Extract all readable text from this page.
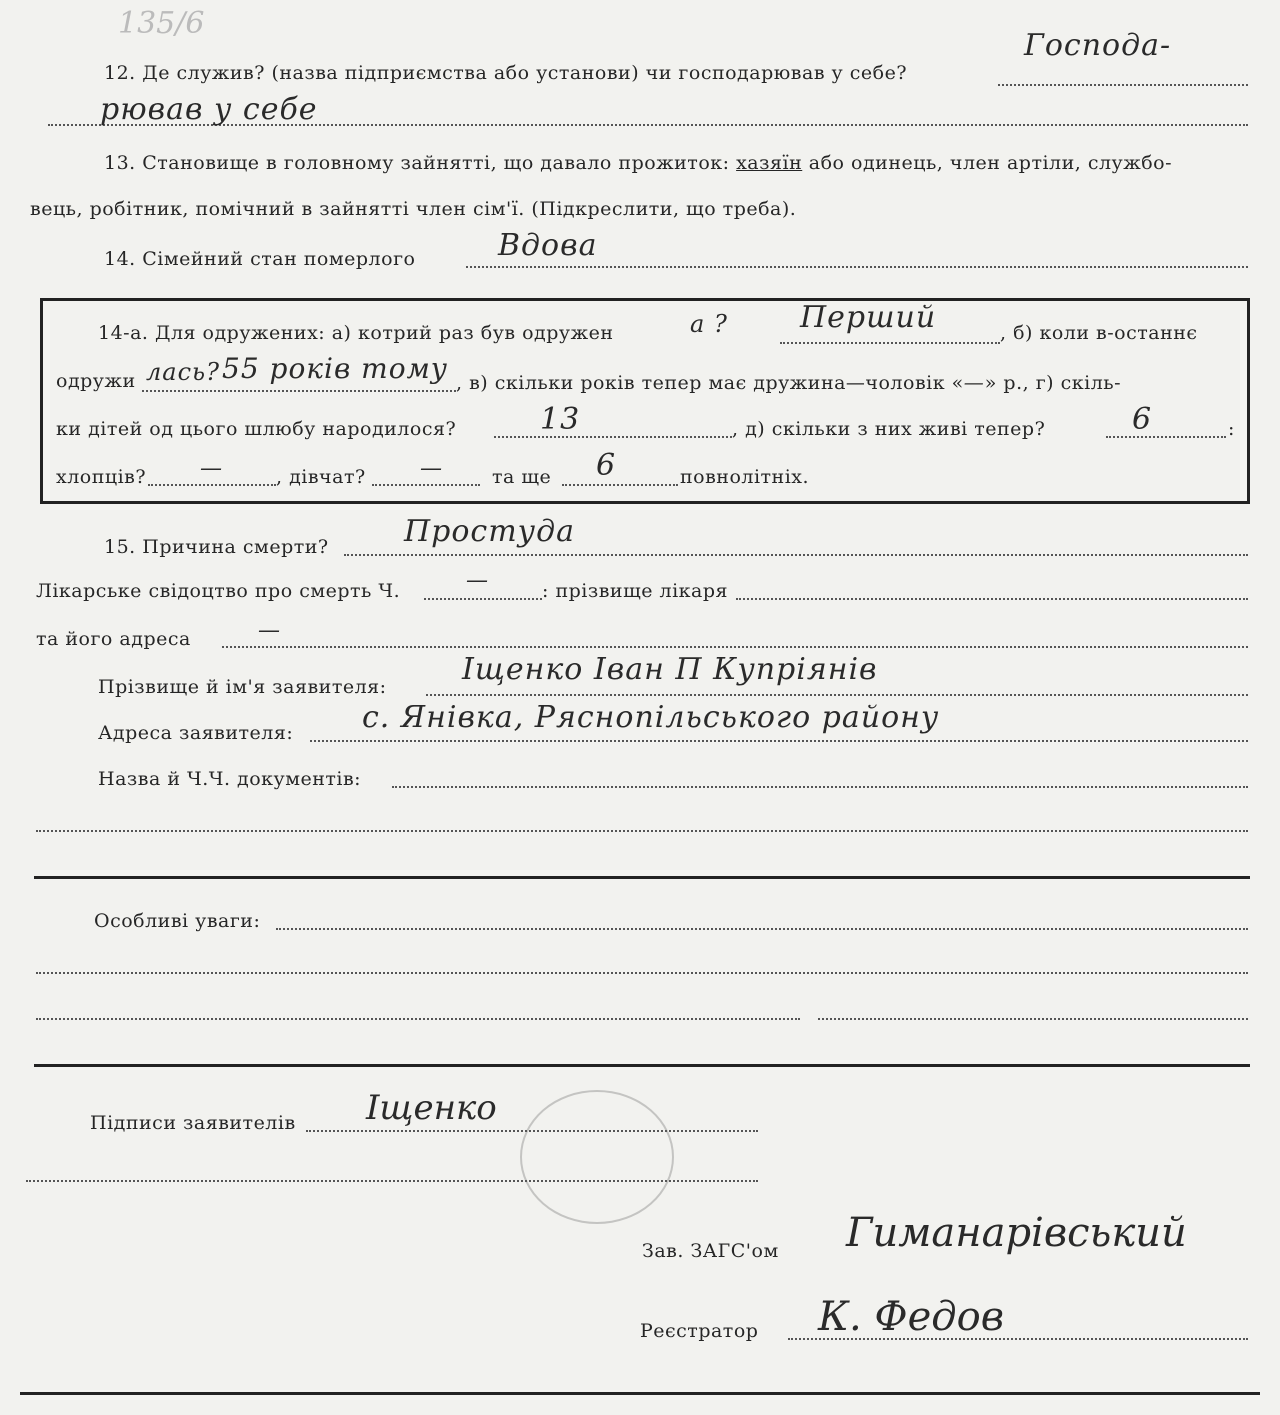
135/6
12. Де служив? (назва підприємства або установи) чи господарював у себе?
Господа-
рював у себе
13. Становище в головному зайнятті, що давало прожиток: хазяїн або одинець, член артіли, службо-
вець, робітник, помічний в зайнятті член сім'ї. (Підкреслити, що треба).
14. Сімейний стан померлого	Вдова
14-а. Для одружених: а) котрий раз був одружен	а ? Перший	, б) коли в-останнє
одружи лась? 55 років тому , в) скільки років тепер має дружина—чоловік «—» р., г) скіль-
ки дітей од цього шлюбу народилося?	13	, д) скільки з них живі тепер?	6	:
хлопців? —	, дівчат? —	та ще 6	повнолітніх.
15. Причина смерти?	Простуда
Лікарське свідоцтво про смерть Ч.	—	: прізвище лікаря
та його адреса	—
Прізвище й ім'я заявителя:	Іщенко Іван П Купріянів
Адреса заявителя: с. Янівка, Ряснопільського району
Назва й Ч.Ч. документів:
Особливі уваги:
Підписи заявителів Іщенко
Зав. ЗАГС'ом Гиманарівський
Реєстратор К. Федов
